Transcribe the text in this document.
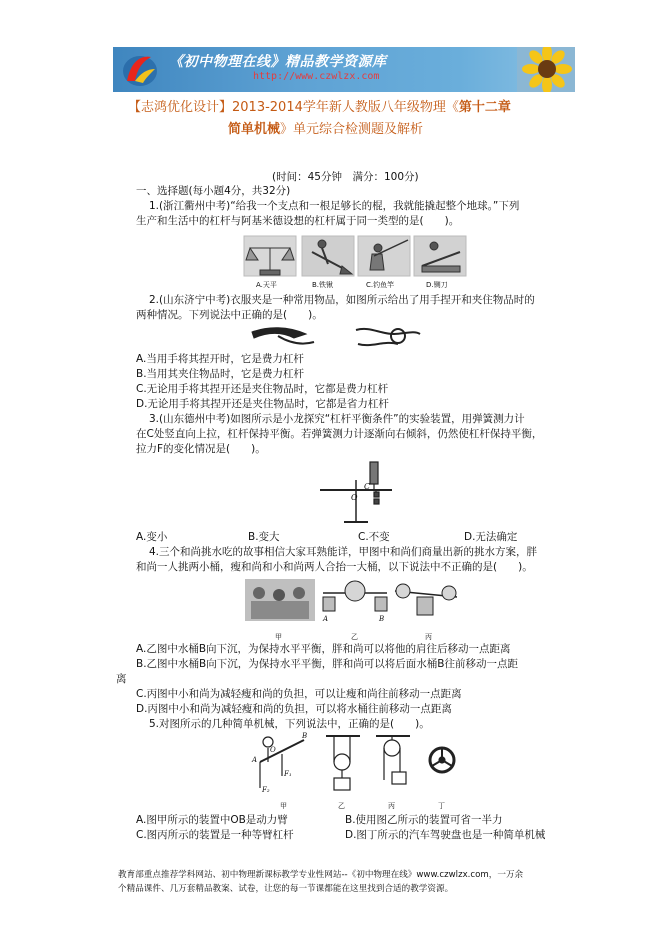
《初中物理在线》精品教学资源库
http://www.czwlzx.com
【志鸿优化设计】2013-2014学年新人教版八年级物理《第十二章
简单机械》单元综合检测题及解析
(时间：45分钟　满分：100分)
一、选择题(每小题4分，共32分)
1.(浙江衢州中考)“给我一个支点和一根足够长的棍，我就能撬起整个地球。”下列
生产和生活中的杠杆与阿基米德设想的杠杆属于同一类型的是(　　)。
A.天平	B.铁锹	C.钓鱼竿	D.铡刀
2.(山东济宁中考)衣服夹是一种常用物品，如图所示给出了用手捏开和夹住物品时的
两种情况。下列说法中正确的是(　　)。
A.当用手将其捏开时，它是费力杠杆
B.当用其夹住物品时，它是费力杠杆
C.无论用手将其捏开还是夹住物品时，它都是费力杠杆
D.无论用手将其捏开还是夹住物品时，它都是省力杠杆
3.(山东德州中考)如图所示是小龙探究“杠杆平衡条件”的实验装置，用弹簧测力计
在C处竖直向上拉，杠杆保持平衡。若弹簧测力计逐渐向右倾斜，仍然使杠杆保持平衡，
拉力F的变化情况是(　　)。
C
O
A.变小	B.变大	C.不变	D.无法确定
4.三个和尚挑水吃的故事相信大家耳熟能详，甲图中和尚们商量出新的挑水方案，胖
和尚一人挑两小桶，瘦和尚和小和尚两人合抬一大桶，以下说法中不正确的是(　　)。
A	B
甲	乙	丙
A.乙图中水桶B向下沉，为保持水平平衡，胖和尚可以将他的肩往后移动一点距离
B.乙图中水桶B向下沉，为保持水平平衡，胖和尚可以将后面水桶B往前移动一点距
离
C.丙图中小和尚为减轻瘦和尚的负担，可以让瘦和尚往前移动一点距离
D.丙图中小和尚为减轻瘦和尚的负担，可以将水桶往前移动一点距离
5.对图所示的几种简单机械，下列说法中，正确的是(　　)。
O
B
A
F₁
F₂
甲	乙	丙	丁
A.图甲所示的装置中OB是动力臂	B.使用图乙所示的装置可省一半力
C.图丙所示的装置是一种等臂杠杆	D.图丁所示的汽车驾驶盘也是一种简单机械
教育部重点推荐学科网站、初中物理新课标教学专业性网站--《初中物理在线》www.czwlzx.com，一万余
个精品课件、几万套精品教案、试卷，让您的每一节课都能在这里找到合适的教学资源。
